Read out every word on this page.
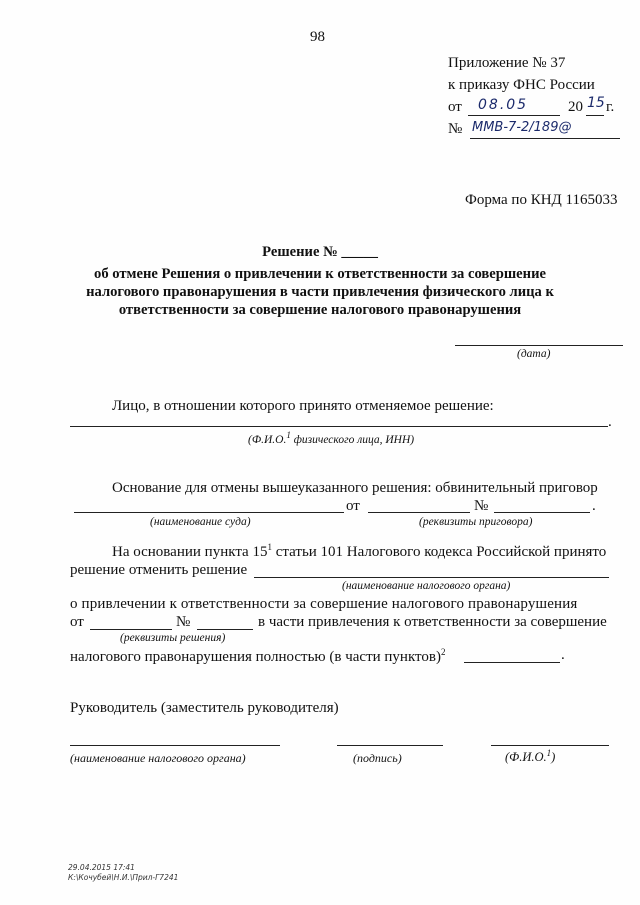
98
Приложение № 37
к приказу ФНС России
от 08.05	20 15 г.
№ ММВ-7-2/189@
Форма по КНД 1165033
Решение № _____
об отмене Решения о привлечении к ответственности за совершение
налогового правонарушения в части привлечения физического лица к
ответственности за совершение налогового правонарушения
(дата)
Лицо, в отношении которого принято отменяемое решение:
.
(Ф.И.О.$^1$ физического лица, ИНН)
Основание для отмены вышеуказанного решения: обвинительный приговор
от	№	.
(наименование суда)	(реквизиты приговора)
На основании пункта $15^1$ статьи 101 Налогового кодекса Российской принято
решение отменить решение
(наименование налогового органа)
о привлечении к ответственности за совершение налогового правонарушения
от	№	в части привлечения к ответственности за совершение
(реквизиты решения)
налогового правонарушения полностью (в части пунктов)$^2$	.
Руководитель (заместитель руководителя)
(наименование налогового органа)	(подпись)	(Ф.И.О.$^1$)
29.04.2015 17:41
К:\Кочубей\Н.И.\Прил-Г7241
